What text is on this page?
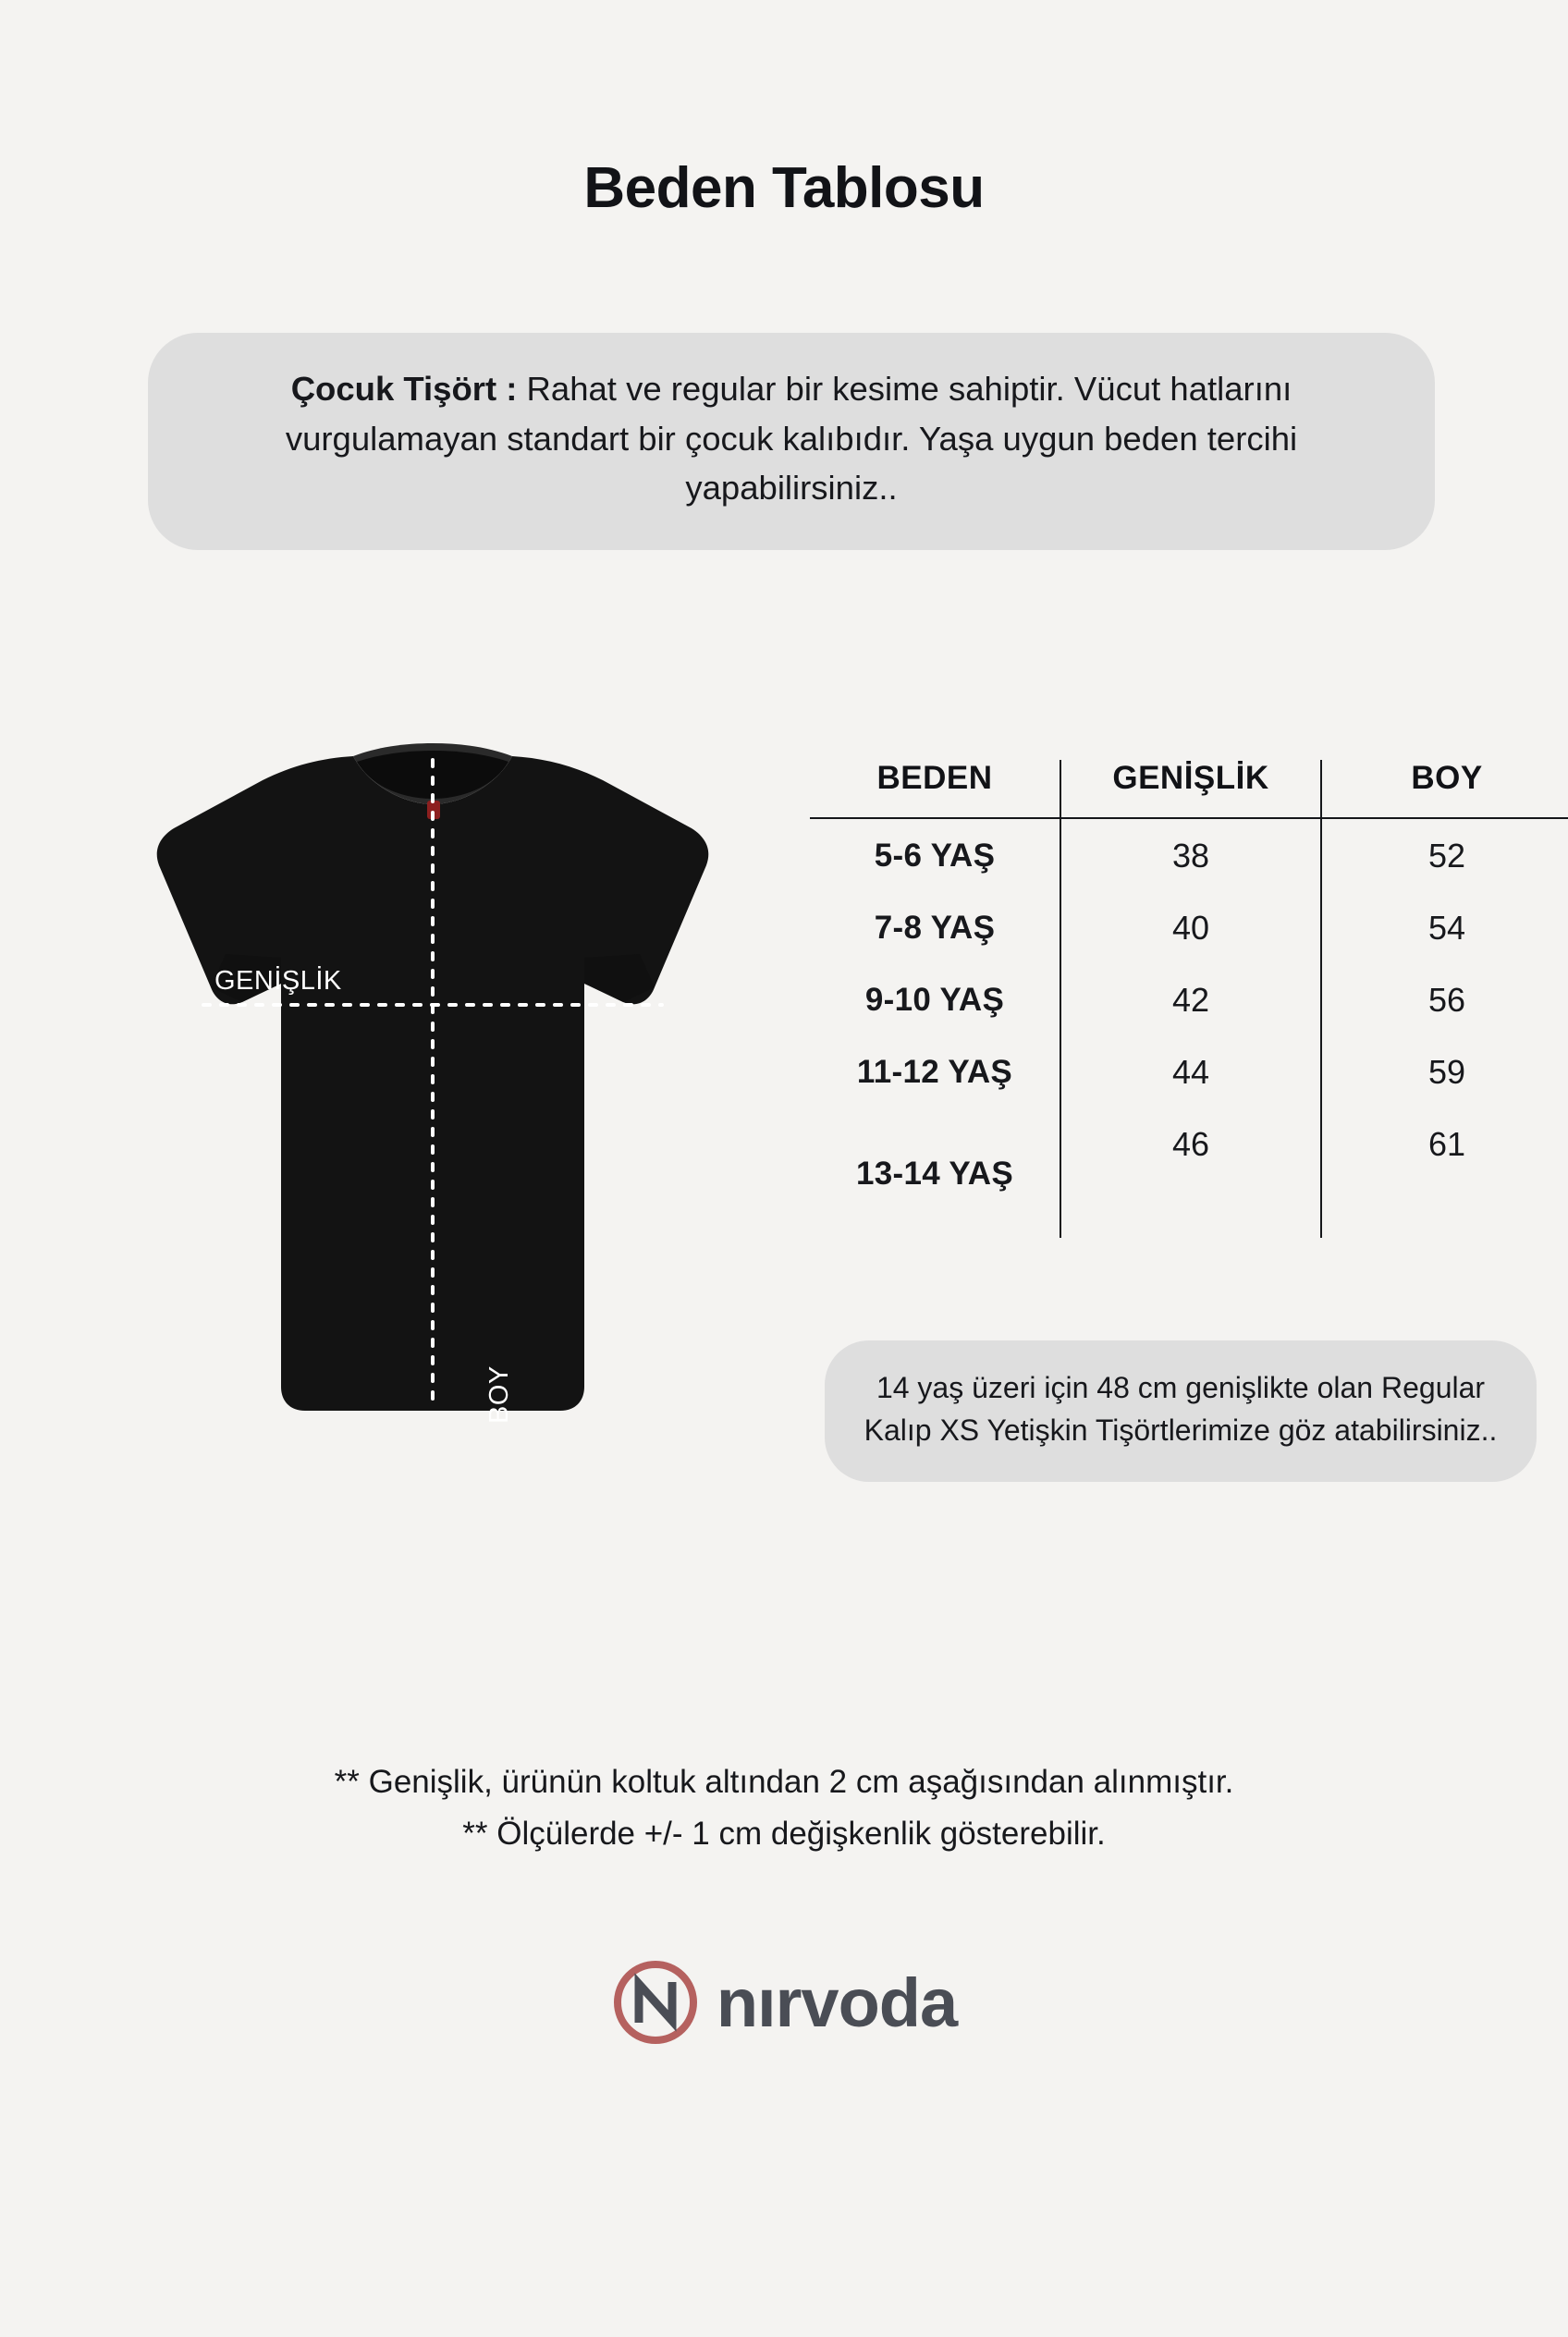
Beden Tablosu
Çocuk Tişört : Rahat ve regular bir kesime sahiptir. Vücut hatlarını vurgulamayan standart bir çocuk kalıbıdır. Yaşa uygun beden tercihi yapabilirsiniz..
GENİŞLİK
BOY
BEDEN	GENİŞLİK	BOY
5-6 YAŞ	38	52
7-8 YAŞ	40	54
9-10 YAŞ	42	56
11-12 YAŞ	44	59
13-14 YAŞ	46	61
14 yaş üzeri için 48 cm genişlikte olan Regular Kalıp XS Yetişkin Tişörtlerimize göz atabilirsiniz..
** Genişlik, ürünün koltuk altından 2 cm aşağısından alınmıştır.
** Ölçülerde +/- 1 cm değişkenlik gösterebilir.
nırvoda
